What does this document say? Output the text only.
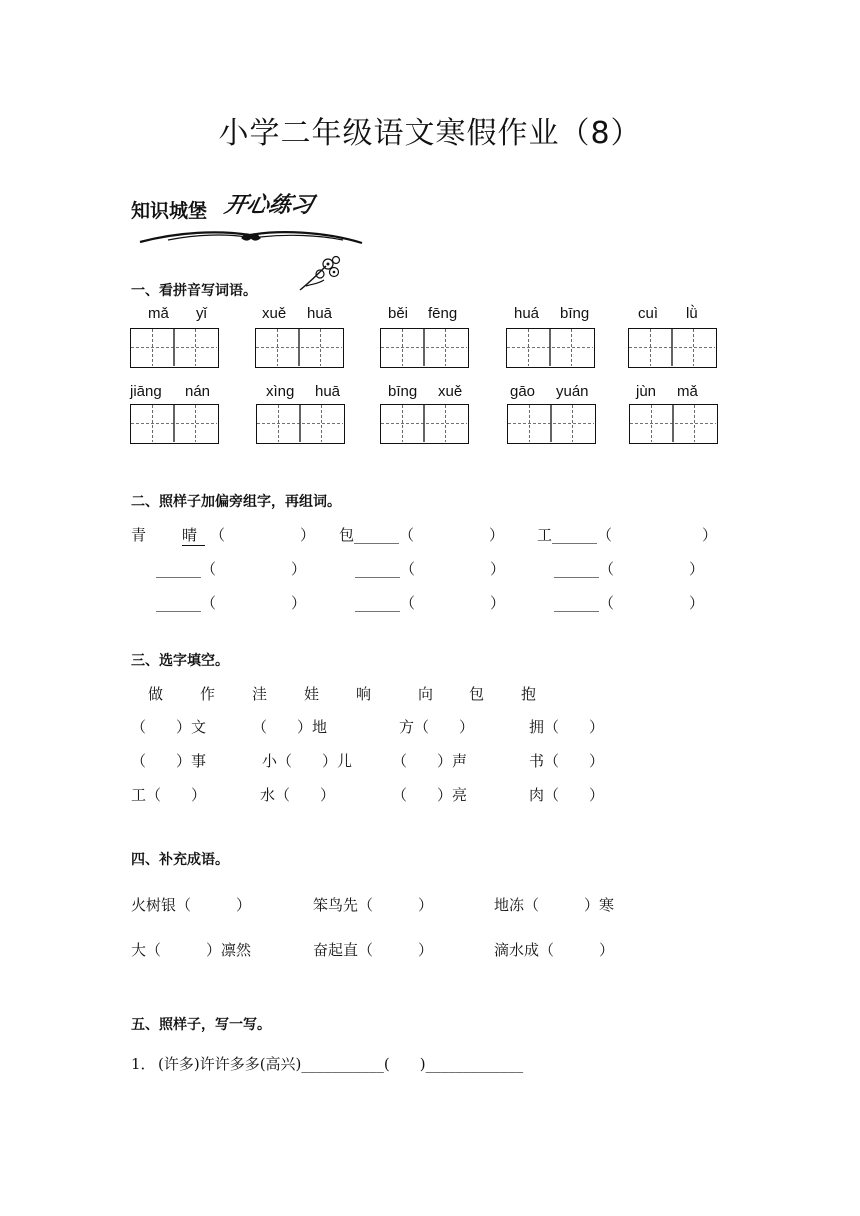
小学二年级语文寒假作业（8）
知识城堡 开心练习
一、看拼音写词语。
mǎ yǐ	xuě huā	běi fēng	huá bīng	cuì lǜ
jiāng nán	xìng huā	bīng xuě	gāo yuán	jùn mǎ
二、照样子加偏旁组字，再组词。
青 晴 （　　　　　） 包______（　　　　　） 工______（　　　　　　）
______（　　　　　）	______（　　　　　）	______（　　　　　）
______（　　　　　）	______（　　　　　）	______（　　　　　）
三、选字填空。
做 作 洼 娃 响	向 包 抱
（　　）文	（　　）地	方（　　）	拥（　　）
（　　）事	小（　　）儿	（　　）声	书（　　）
工（　　）	水（　　）	（　　）亮	肉（　　）
四、补充成语。
火树银（　　　）	笨鸟先（　　　）	地冻（　　　）寒
大（　　　）凛然	奋起直（　　　）	滴水成（　　　）
五、照样子，写一写。
1． (许多)许许多多(高兴)___________(　　)_____________
